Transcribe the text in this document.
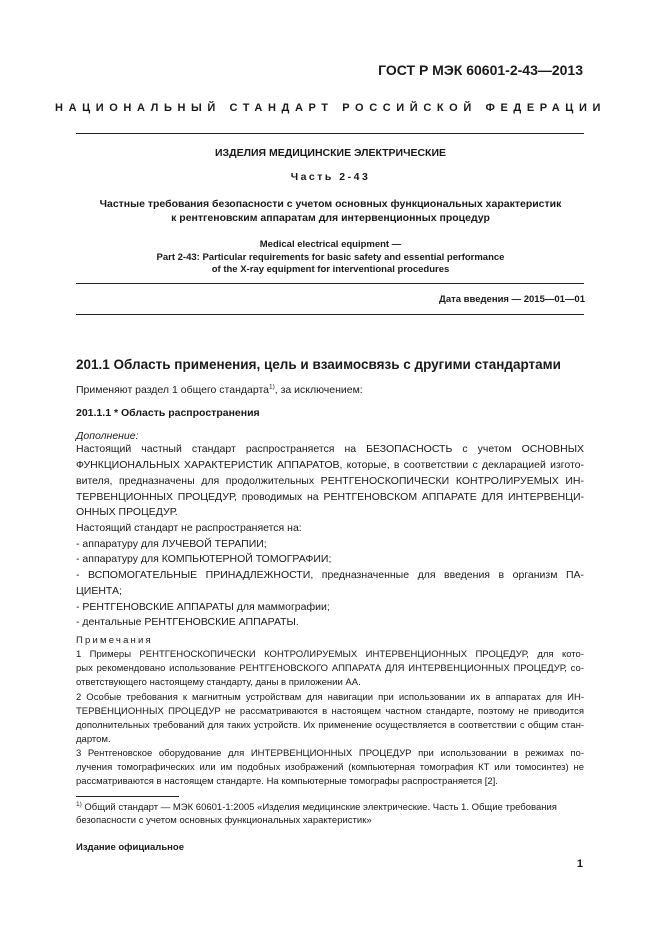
ГОСТ Р МЭК 60601-2-43—2013
НАЦИОНАЛЬНЫЙ СТАНДАРТ РОССИЙСКОЙ ФЕДЕРАЦИИ
ИЗДЕЛИЯ МЕДИЦИНСКИЕ ЭЛЕКТРИЧЕСКИЕ
Часть 2-43
Частные требования безопасности с учетом основных функциональных характеристик
к рентгеновским аппаратам для интервенционных процедур
Medical electrical equipment —
Part 2-43: Particular requirements for basic safety and essential performance
of the X-ray equipment for interventional procedures
Дата введения — 2015—01—01
201.1 Область применения, цель и взаимосвязь с другими стандартами
Применяют раздел 1 общего стандарта$^{1)}$, за исключением:
201.1.1 * Область распространения
Дополнение:
Настоящий частный стандарт распространяется на БЕЗОПАСНОСТЬ с учетом ОСНОВНЫХ
ФУНКЦИОНАЛЬНЫХ ХАРАКТЕРИСТИК АППАРАТОВ, которые, в соответствии с декларацией изгото-
вителя, предназначены для продолжительных РЕНТГЕНОСКОПИЧЕСКИ КОНТРОЛИРУЕМЫХ ИН-
ТЕРВЕНЦИОННЫХ ПРОЦЕДУР, проводимых на РЕНТГЕНОВСКОМ АППАРАТЕ ДЛЯ ИНТЕРВЕНЦИ-
ОННЫХ ПРОЦЕДУР.
Настоящий стандарт не распространяется на:
- аппаратуру для ЛУЧЕВОЙ ТЕРАПИИ;
- аппаратуру для КОМПЬЮТЕРНОЙ ТОМОГРАФИИ;
- ВСПОМОГАТЕЛЬНЫЕ ПРИНАДЛЕЖНОСТИ, предназначенные для введения в организм ПА-
ЦИЕНТА;
- РЕНТГЕНОВСКИЕ АППАРАТЫ для маммографии;
- дентальные РЕНТГЕНОВСКИЕ АППАРАТЫ.
Примечания
1 Примеры РЕНТГЕНОСКОПИЧЕСКИ КОНТРОЛИРУЕМЫХ ИНТЕРВЕНЦИОННЫХ ПРОЦЕДУР, для кото-
рых рекомендовано использование РЕНТГЕНОВСКОГО АППАРАТА ДЛЯ ИНТЕРВЕНЦИОННЫХ ПРОЦЕДУР, со-
ответствующего настоящему стандарту, даны в приложении АА.
2 Особые требования к магнитным устройствам для навигации при использовании их в аппаратах для ИН-
ТЕРВЕНЦИОННЫХ ПРОЦЕДУР не рассматриваются в настоящем частном стандарте, поэтому не приводится
дополнительных требований для таких устройств. Их применение осуществляется в соответствии с общим стан-
дартом.
3 Рентгеновское оборудование для ИНТЕРВЕНЦИОННЫХ ПРОЦЕДУР при использовании в режимах по-
лучения томографических или им подобных изображений (компьютерная томография КТ или томосинтез) не
рассматриваются в настоящем стандарте. На компьютерные томографы распространяется [2].
$^{1)}$ Общий стандарт — МЭК 60601-1:2005 «Изделия медицинские электрические. Часть 1. Общие требования
безопасности с учетом основных функциональных характеристик»
Издание официальное
1
